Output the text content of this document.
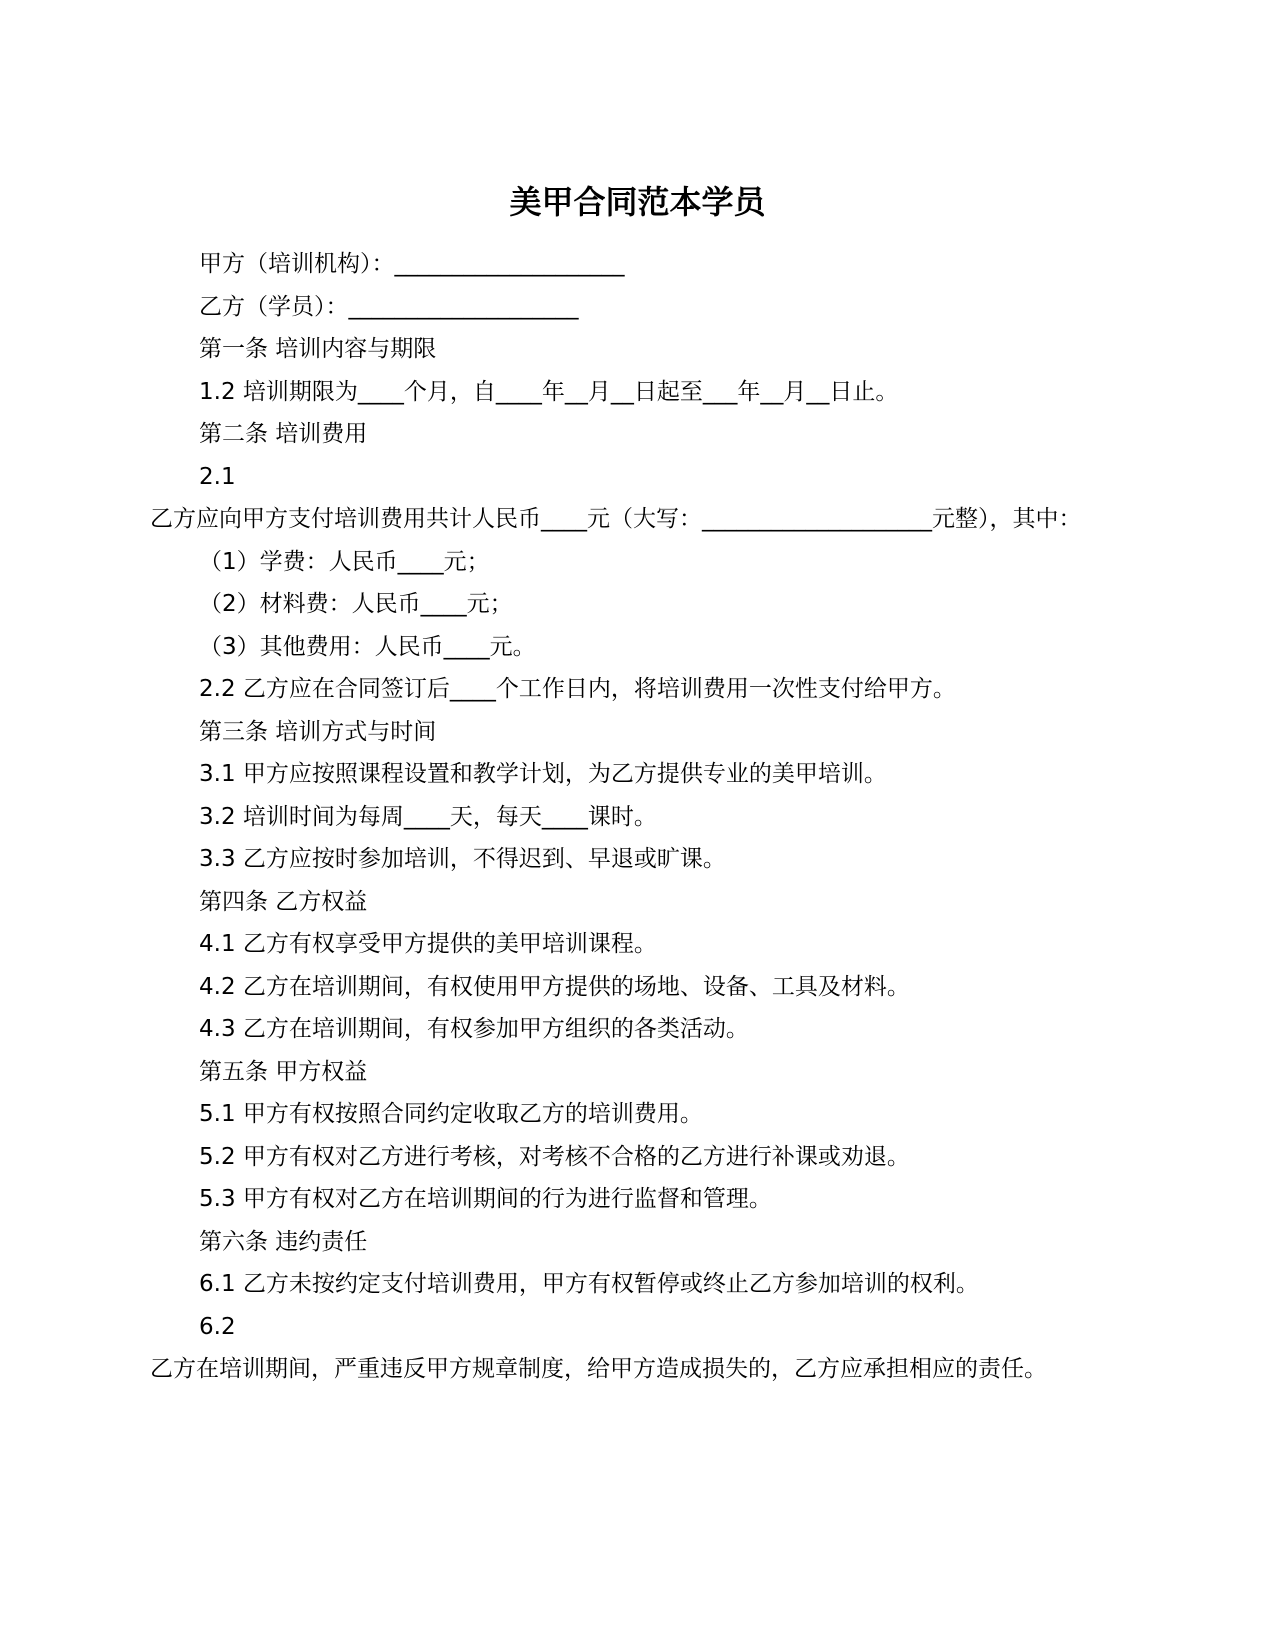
美甲合同范本学员
甲方（培训机构）：____________________
乙方（学员）：____________________
第一条 培训内容与期限
1.2 培训期限为____个月，自____年__月__日起至___年__月__日止。
第二条 培训费用
2.1
乙方应向甲方支付培训费用共计人民币____元（大写：____________________元整），其中：
（1）学费：人民币____元；
（2）材料费：人民币____元；
（3）其他费用：人民币____元。
2.2 乙方应在合同签订后____个工作日内，将培训费用一次性支付给甲方。
第三条 培训方式与时间
3.1 甲方应按照课程设置和教学计划，为乙方提供专业的美甲培训。
3.2 培训时间为每周____天，每天____课时。
3.3 乙方应按时参加培训，不得迟到、早退或旷课。
第四条 乙方权益
4.1 乙方有权享受甲方提供的美甲培训课程。
4.2 乙方在培训期间，有权使用甲方提供的场地、设备、工具及材料。
4.3 乙方在培训期间，有权参加甲方组织的各类活动。
第五条 甲方权益
5.1 甲方有权按照合同约定收取乙方的培训费用。
5.2 甲方有权对乙方进行考核，对考核不合格的乙方进行补课或劝退。
5.3 甲方有权对乙方在培训期间的行为进行监督和管理。
第六条 违约责任
6.1 乙方未按约定支付培训费用，甲方有权暂停或终止乙方参加培训的权利。
6.2
乙方在培训期间，严重违反甲方规章制度，给甲方造成损失的，乙方应承担相应的责任。
